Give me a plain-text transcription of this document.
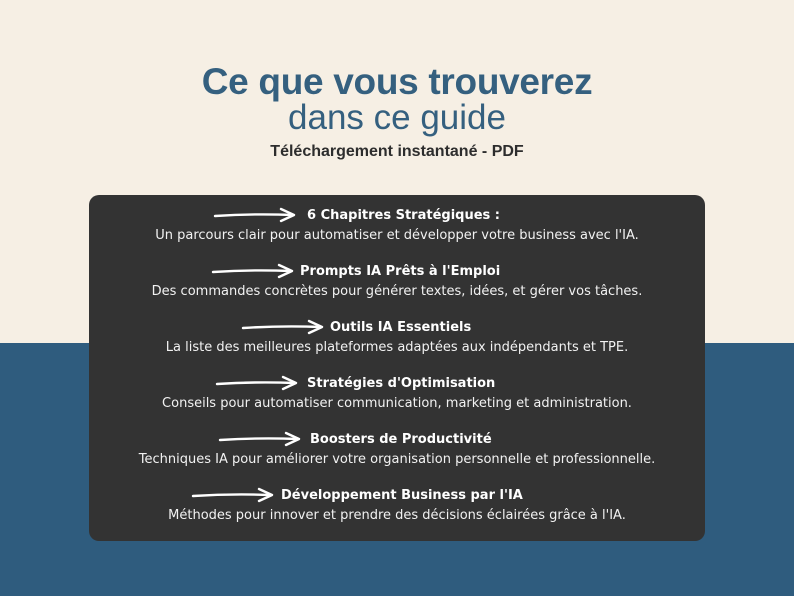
Ce que vous trouverez
dans ce guide
Téléchargement instantané - PDF
6 Chapitres Stratégiques :
Un parcours clair pour automatiser et développer votre business avec l'IA.
Prompts IA Prêts à l'Emploi
Des commandes concrètes pour générer textes, idées, et gérer vos tâches.
Outils IA Essentiels
La liste des meilleures plateformes adaptées aux indépendants et TPE.
Stratégies d'Optimisation
Conseils pour automatiser communication, marketing et administration.
Boosters de Productivité
Techniques IA pour améliorer votre organisation personnelle et professionnelle.
Développement Business par l'IA
Méthodes pour innover et prendre des décisions éclairées grâce à l'IA.
